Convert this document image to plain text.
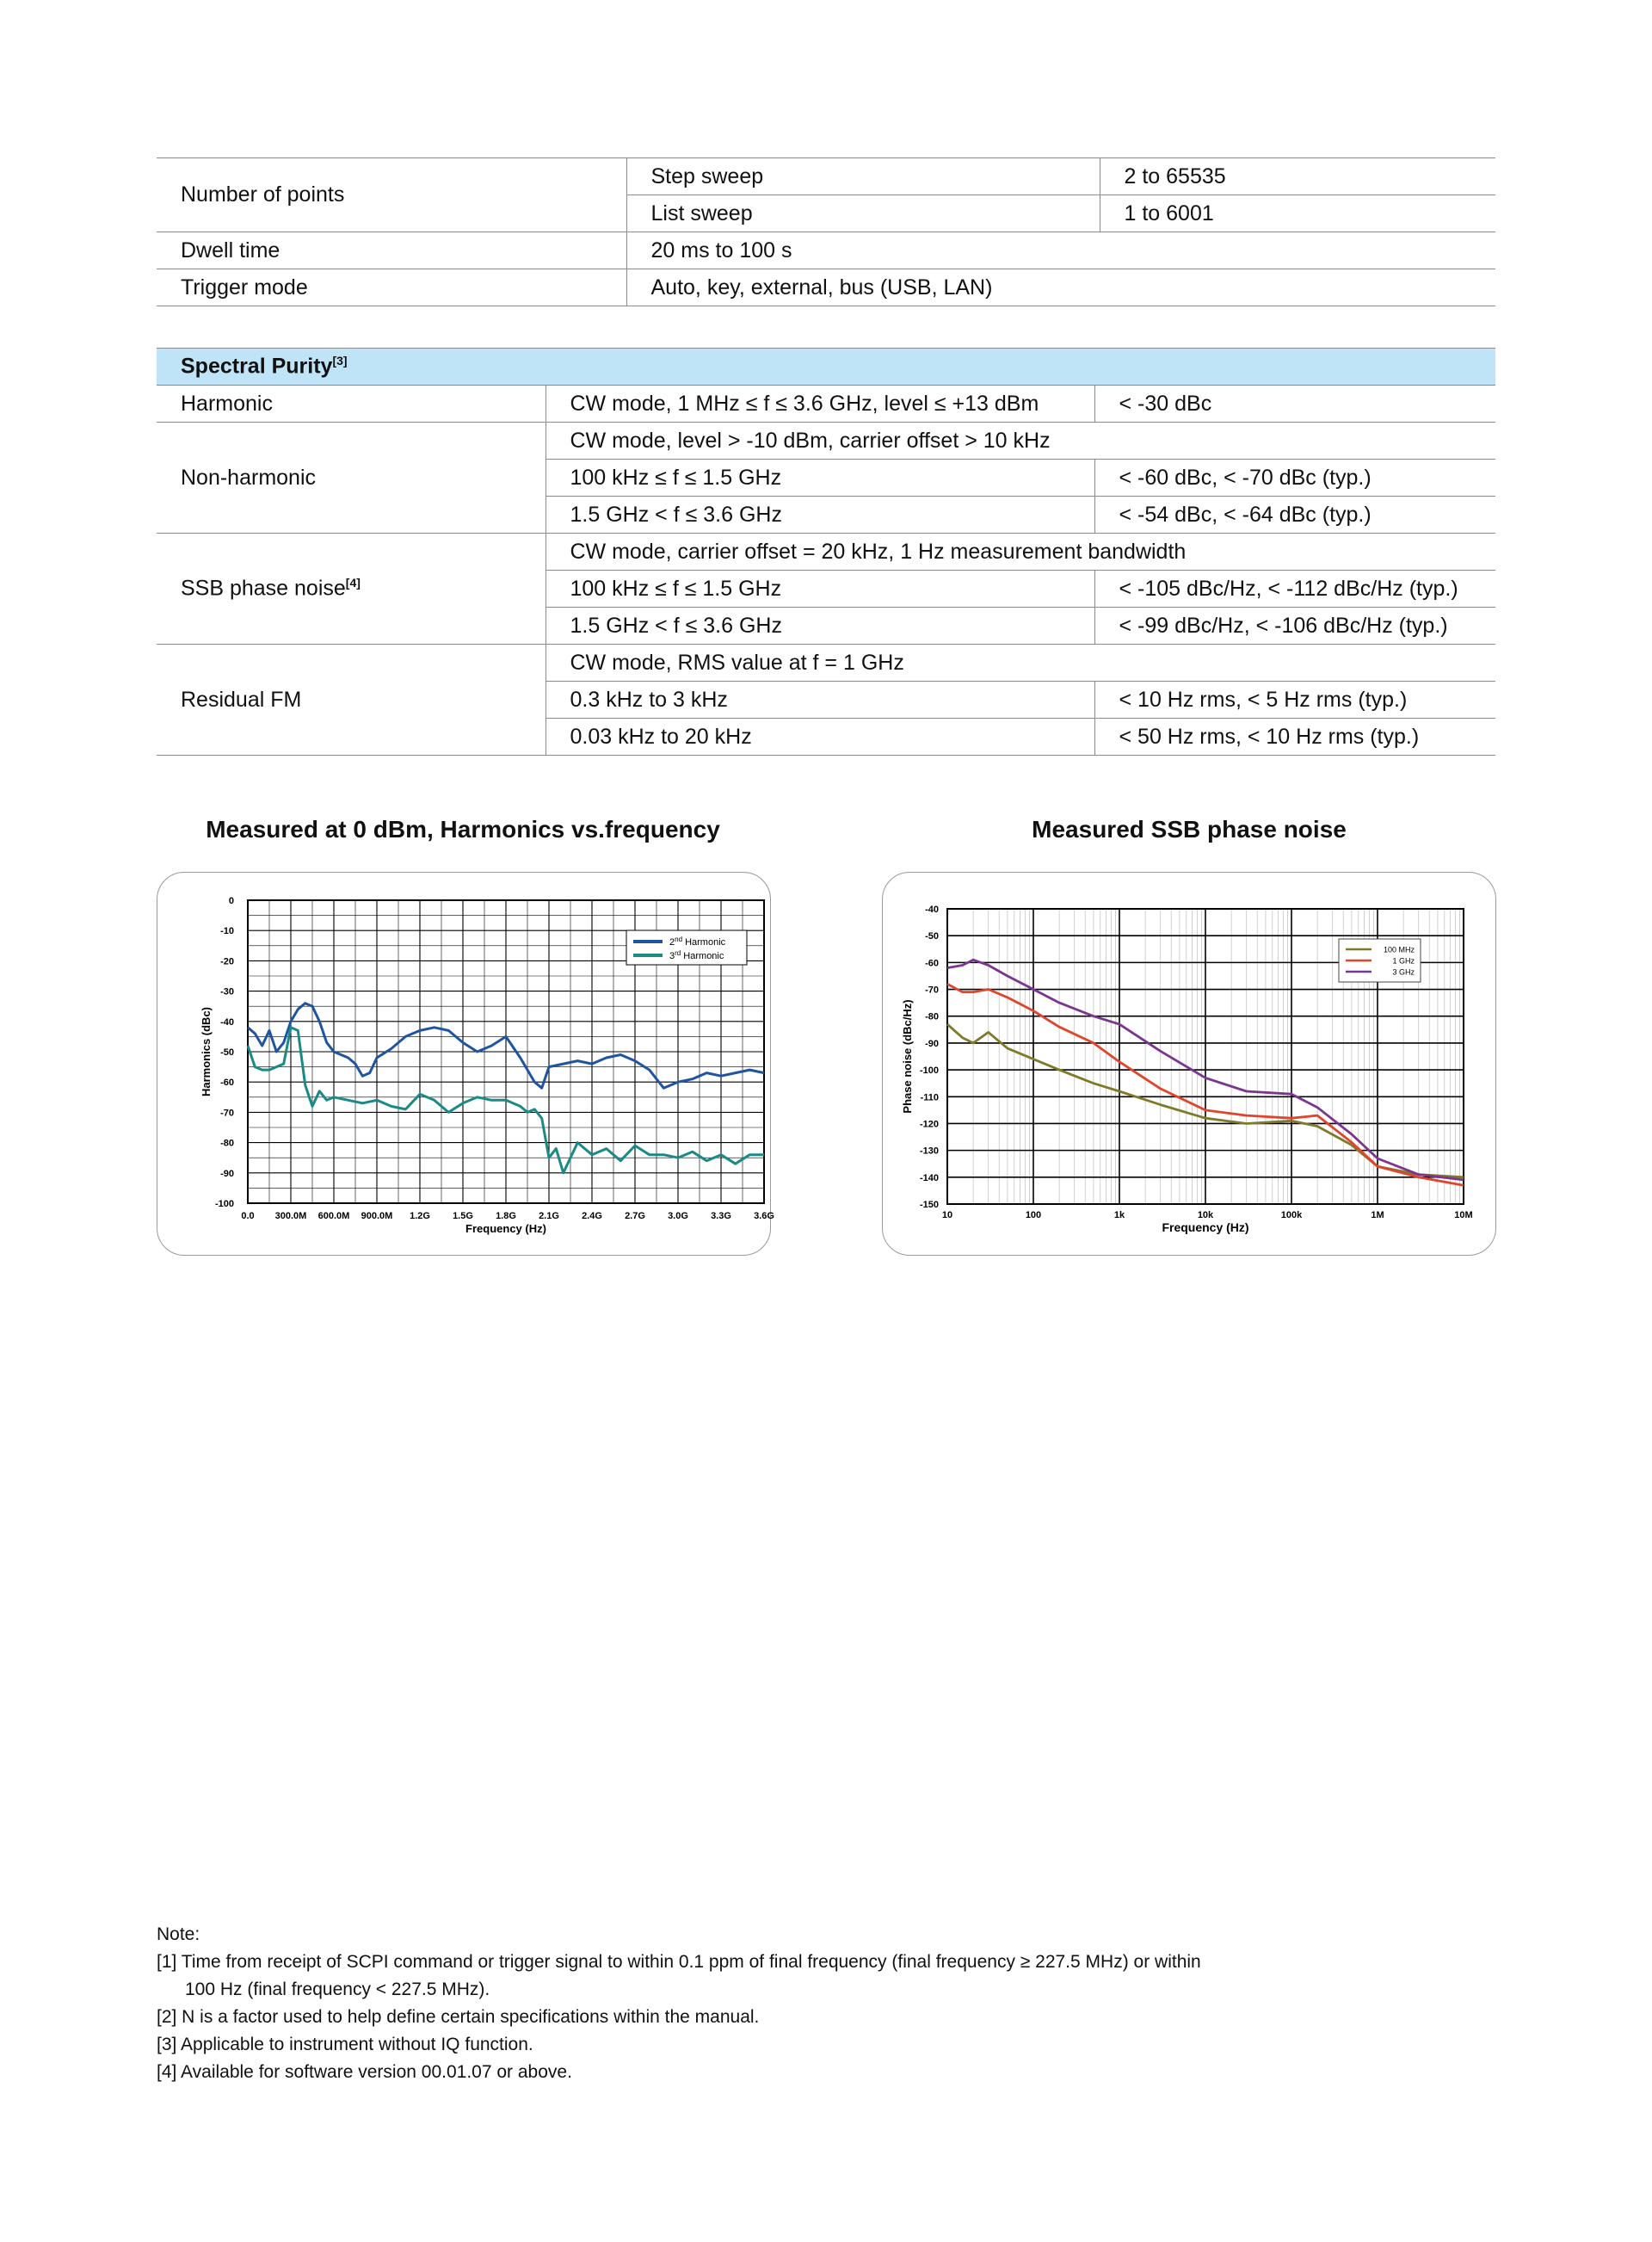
Number of points	Step sweep	2 to 65535
	List sweep	1 to 6001
Dwell time	20 ms to 100 s	
Trigger mode	Auto, key, external, bus (USB, LAN)	
Spectral Purity[3]
Harmonic	CW mode, 1 MHz ≤ f ≤ 3.6 GHz, level ≤ +13 dBm	< -30 dBc
Non-harmonic	CW mode, level > -10 dBm, carrier offset > 10 kHz	
	100 kHz ≤ f ≤ 1.5 GHz	< -60 dBc, < -70 dBc (typ.)
	1.5 GHz < f ≤ 3.6 GHz	< -54 dBc, < -64 dBc (typ.)
SSB phase noise[4]	CW mode, carrier offset = 20 kHz, 1 Hz measurement bandwidth	
	100 kHz ≤ f ≤ 1.5 GHz	< -105 dBc/Hz, < -112 dBc/Hz (typ.)
	1.5 GHz < f ≤ 3.6 GHz	< -99 dBc/Hz, < -106 dBc/Hz (typ.)
Residual FM	CW mode, RMS value at f = 1 GHz	
	0.3 kHz to 3 kHz	< 10 Hz rms, < 5 Hz rms (typ.)
	0.03 kHz to 20 kHz	< 50 Hz rms, < 10 Hz rms (typ.)
Measured at 0 dBm, Harmonics vs.frequency	Measured SSB phase noise
0
-10
-20
-30
-40
-50
-60
-70
-80
-90
-100
0.0 300.0M 600.0M 900.0M 1.2G 1.5G 1.8G 2.1G 2.4G 2.7G 3.0G 3.3G 3.6G
Frequency (Hz)
Harmonics (dBc)
2nd Harmonic
3rd Harmonic
-40
-50
-60
-70
-80
-90
-100
-110
-120
-130
-140
-150
10	100	1k	10k	100k	1M	10M
Frequency (Hz)
Phase noise (dBc/Hz)
100 MHz
1 GHz
3 GHz
Note:
[1] Time from receipt of SCPI command or trigger signal to within 0.1 ppm of final frequency (final frequency ≥ 227.5 MHz) or within
100 Hz (final frequency < 227.5 MHz).
[2] N is a factor used to help define certain specifications within the manual.
[3] Applicable to instrument without IQ function.
[4] Available for software version 00.01.07 or above.
